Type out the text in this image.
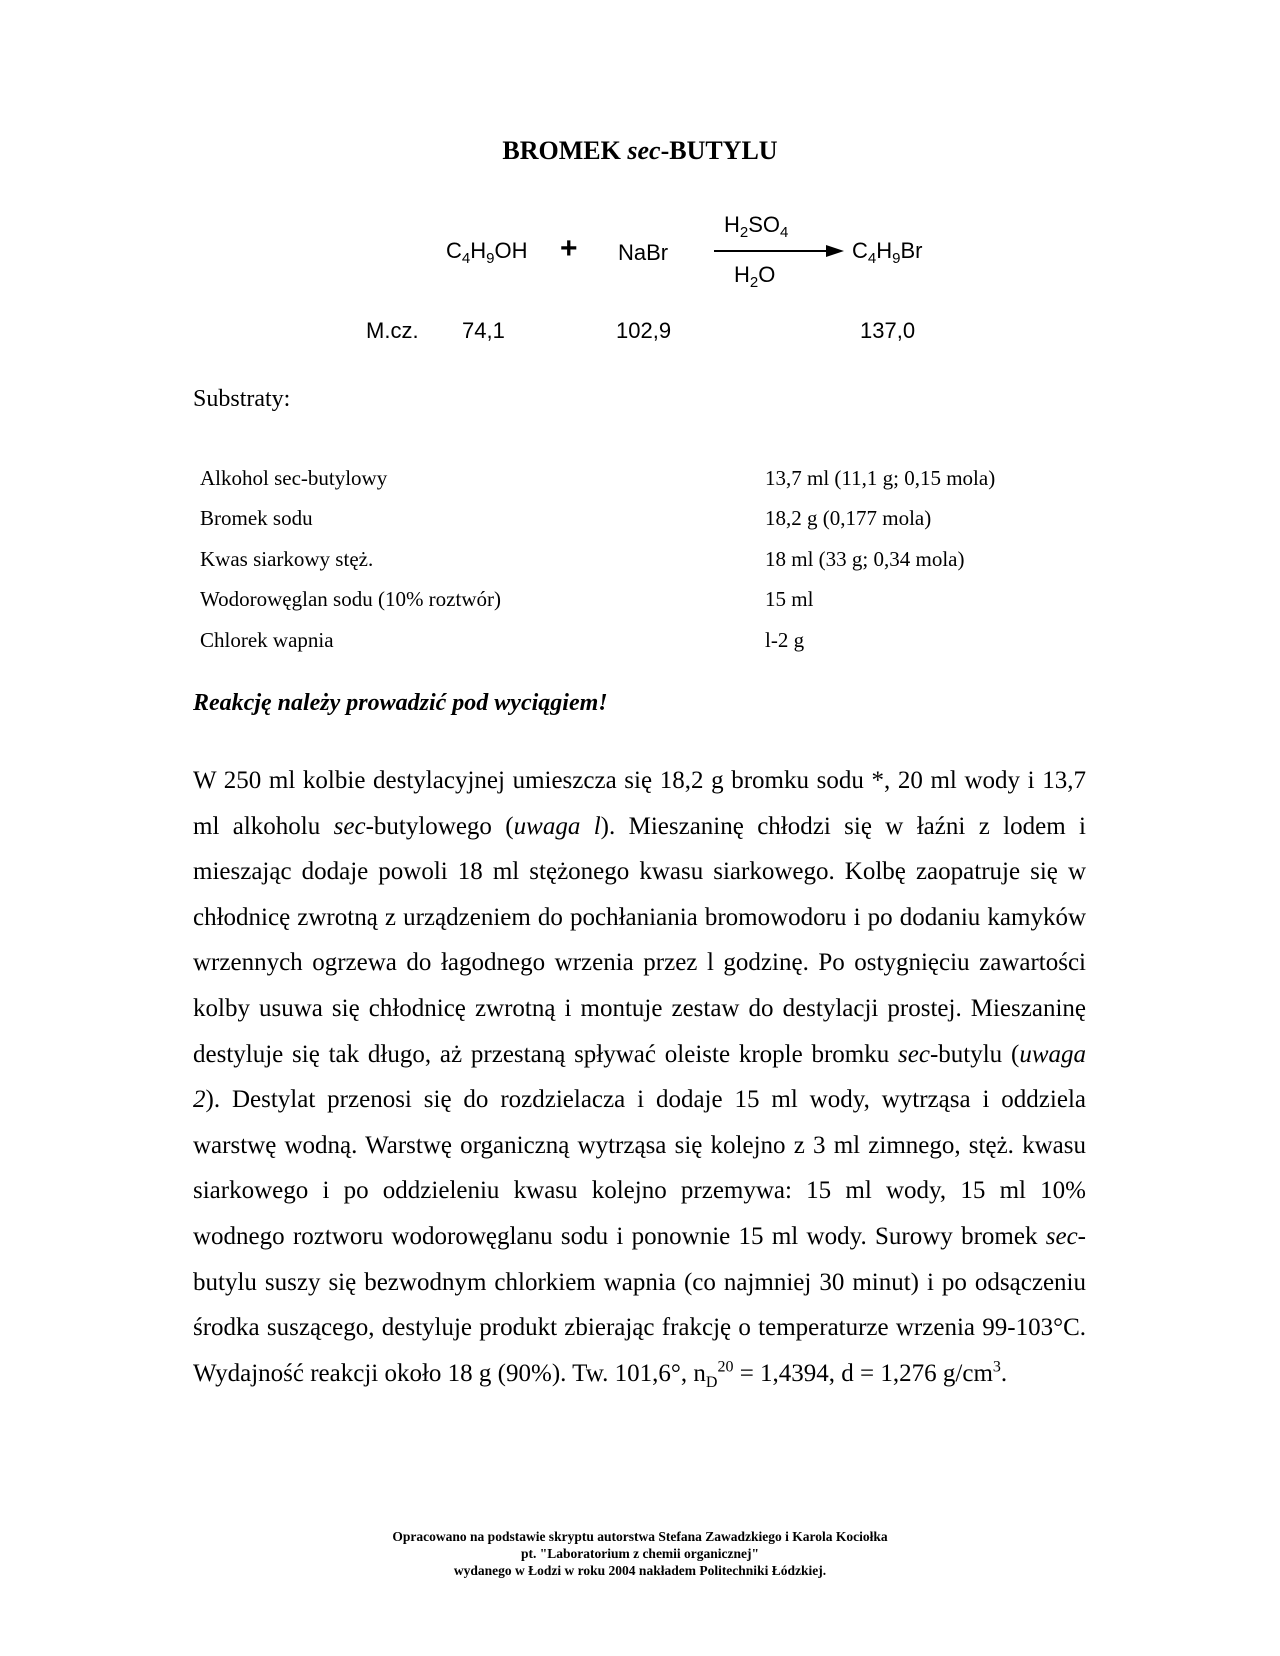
BROMEK sec-BUTYLU
$C_4H_9OH$ + NaBr
$H_2SO_4$
$H_2O$
$C_4H_9Br$
M.cz. 74,1	102,9	137,0
Substraty:
Alkohol sec-butylowy	13,7 ml (11,1 g; 0,15 mola)
Bromek sodu	18,2 g (0,177 mola)
Kwas siarkowy stęż.	18 ml (33 g; 0,34 mola)
Wodorowęglan sodu (10% roztwór)	15 ml
Chlorek wapnia	l-2 g
Reakcję należy prowadzić pod wyciągiem!
W 250 ml kolbie destylacyjnej umieszcza się 18,2 g bromku sodu *, 20 ml wody i 13,7 ml alkoholu sec-butylowego (uwaga l). Mieszaninę chłodzi się w łaźni z lodem i mieszając dodaje powoli 18 ml stężonego kwasu siarkowego. Kolbę zaopatruje się w chłodnicę zwrotną z urządzeniem do pochłaniania bromowodoru i po dodaniu kamyków wrzennych ogrzewa do łagodnego wrzenia przez l godzinę. Po ostygnięciu zawartości kolby usuwa się chłodnicę zwrotną i montuje zestaw do destylacji prostej. Mieszaninę destyluje się tak długo, aż przestaną spływać oleiste krople bromku sec-butylu (uwaga 2). Destylat przenosi się do rozdzielacza i dodaje 15 ml wody, wytrząsa i oddziela warstwę wodną. Warstwę organiczną wytrząsa się kolejno z 3 ml zimnego, stęż. kwasu siarkowego i po oddzieleniu kwasu kolejno przemywa: 15 ml wody, 15 ml 10% wodnego roztworu wodorowęglanu sodu i ponownie 15 ml wody. Surowy bromek sec-butylu suszy się bezwodnym chlorkiem wapnia (co najmniej 30 minut) i po odsączeniu środka suszącego, destyluje produkt zbierając frakcję o temperaturze wrzenia 99-103°C. Wydajność reakcji około 18 g (90%). Tw. 101,6°, $n_D^{20} = 1,4394$, d = 1,276 $g/cm^3$.
Opracowano na podstawie skryptu autorstwa Stefana Zawadzkiego i Karola Kociołka
pt. "Laboratorium z chemii organicznej"
wydanego w Łodzi w roku 2004 nakładem Politechniki Łódzkiej.
